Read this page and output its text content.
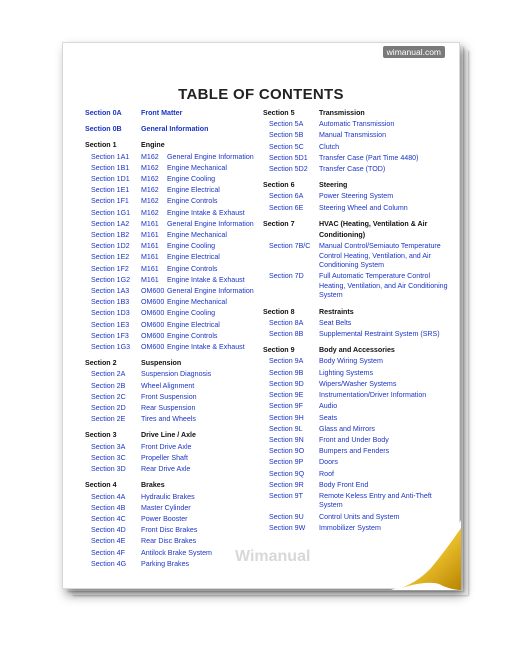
wimanual.com
TABLE OF CONTENTS
Section 0A	Front Matter
Section 0B	General Information
Section 1	Engine
Section 1A1	M162	General Engine Information
Section 1B1	M162	Engine Mechanical
Section 1D1	M162	Engine Cooling
Section 1E1	M162	Engine Electrical
Section 1F1	M162	Engine Controls
Section 1G1	M162	Engine Intake & Exhaust
Section 1A2	M161	General Engine Information
Section 1B2	M161	Engine Mechanical
Section 1D2	M161	Engine Cooling
Section 1E2	M161	Engine Electrical
Section 1F2	M161	Engine Controls
Section 1G2	M161	Engine Intake & Exhaust
Section 1A3	OM600 General Engine Information
Section 1B3	OM600 Engine Mechanical
Section 1D3	OM600 Engine Cooling
Section 1E3	OM600 Engine Electrical
Section 1F3	OM600 Engine Controls
Section 1G3	OM600 Engine Intake & Exhaust
Section 2	Suspension
Section 2A	Suspension Diagnosis
Section 2B	Wheel Alignment
Section 2C	Front Suspension
Section 2D	Rear Suspension
Section 2E	Tires and Wheels
Section 3	Drive Line / Axle
Section 3A	Front Drive Axle
Section 3C	Propeller Shaft
Section 3D	Rear Drive Axle
Section 4	Brakes
Section 4A	Hydraulic Brakes
Section 4B	Master Cylinder
Section 4C	Power Booster
Section 4D	Front Disc Brakes
Section 4E	Rear Disc Brakes
Section 4F	Antilock Brake System
Section 4G	Parking Brakes
Section 5	Transmission
Section 5A	Automatic Transmission
Section 5B	Manual Transmission
Section 5C	Clutch
Section 5D1	Transfer Case (Part Time 4480)
Section 5D2	Transfer Case (TOD)
Section 6	Steering
Section 6A	Power Steering System
Section 6E	Steering Wheel and Column
Section 7	HVAC (Heating, Ventilation & Air Conditioning)
Section 7B/C	Manual Control/Semiauto Temperature Control Heating, Ventilation, and Air Conditioning System
Section 7D	Full Automatic Temperature Control Heating, Ventilation, and Air Conditioning System
Section 8	Restraints
Section 8A	Seat Belts
Section 8B	Supplemental Restraint System (SRS)
Section 9	Body and Accessories
Section 9A	Body Wiring System
Section 9B	Lighting Systems
Section 9D	Wipers/Washer Systems
Section 9E	Instrumentation/Driver Information
Section 9F	Audio
Section 9H	Seats
Section 9L	Glass and Mirrors
Section 9N	Front and Under Body
Section 9O	Bumpers and Fenders
Section 9P	Doors
Section 9Q	Roof
Section 9R	Body Front End
Section 9T	Remote Keless Entry and Anti-Theft System
Section 9U	Control Units and System
Section 9W	Immobilizer System
Wimanual
